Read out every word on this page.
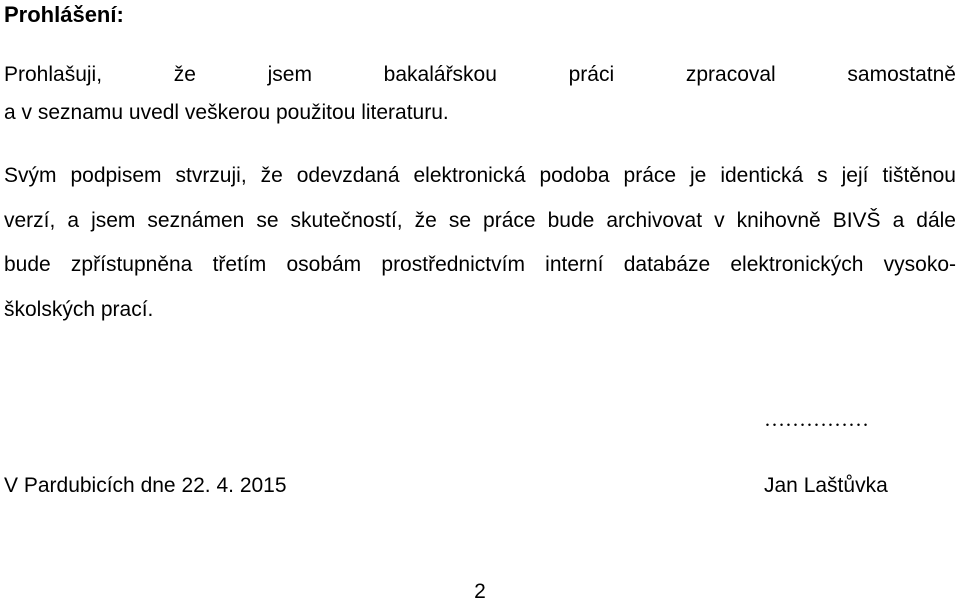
Prohlášení:
Prohlašuji, že jsem bakalářskou práci zpracoval samostatně
a v seznamu uvedl veškerou použitou literaturu.
Svým podpisem stvrzuji, že odevzdaná elektronická podoba práce je identická s její tištěnou
verzí, a jsem seznámen se skutečností, že se práce bude archivovat v knihovně BIVŠ a dále
bude zpřístupněna třetím osobám prostřednictvím interní databáze elektronických vysoko-
školských prací.
……………
V Pardubicích dne 22. 4. 2015	Jan Laštůvka
2
